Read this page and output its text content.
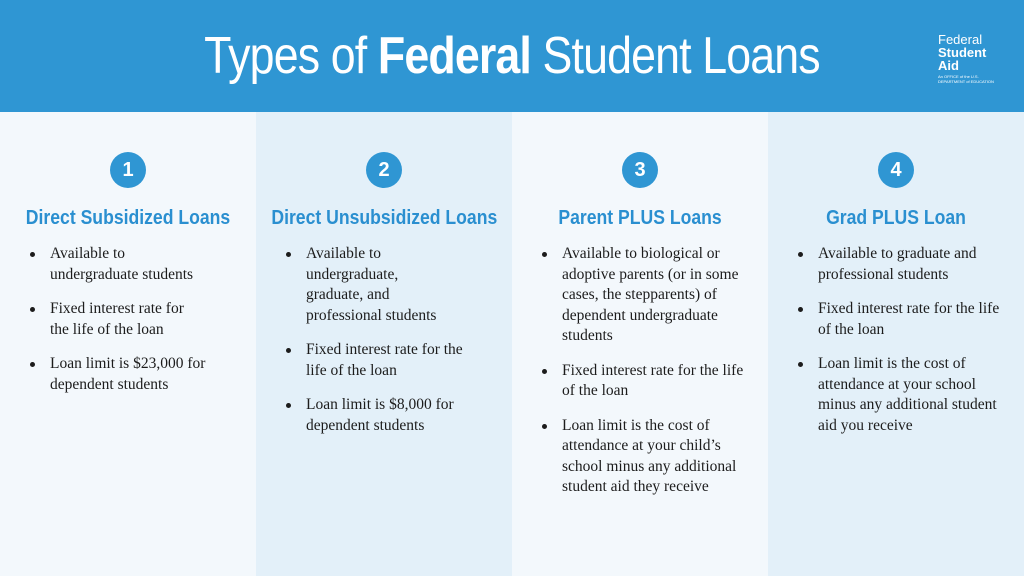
Types of Federal Student Loans	Federal
Student
Aid
An OFFICE of the U.S. DEPARTMENT of EDUCATION
1
Direct Subsidized Loans
Available to undergraduate students
Fixed interest rate for the life of the loan
Loan limit is $23,000 for dependent students
2
Direct Unsubsidized Loans
Available to undergraduate, graduate, and professional students
Fixed interest rate for the life of the loan
Loan limit is $8,000 for dependent students
3
Parent PLUS Loans
Available to biological or adoptive parents (or in some cases, the stepparents) of dependent undergraduate students
Fixed interest rate for the life of the loan
Loan limit is the cost of attendance at your child’s school minus any additional student aid they receive
4
Grad PLUS Loan
Available to graduate and professional students
Fixed interest rate for the life of the loan
Loan limit is the cost of attendance at your school minus any additional student aid you receive
